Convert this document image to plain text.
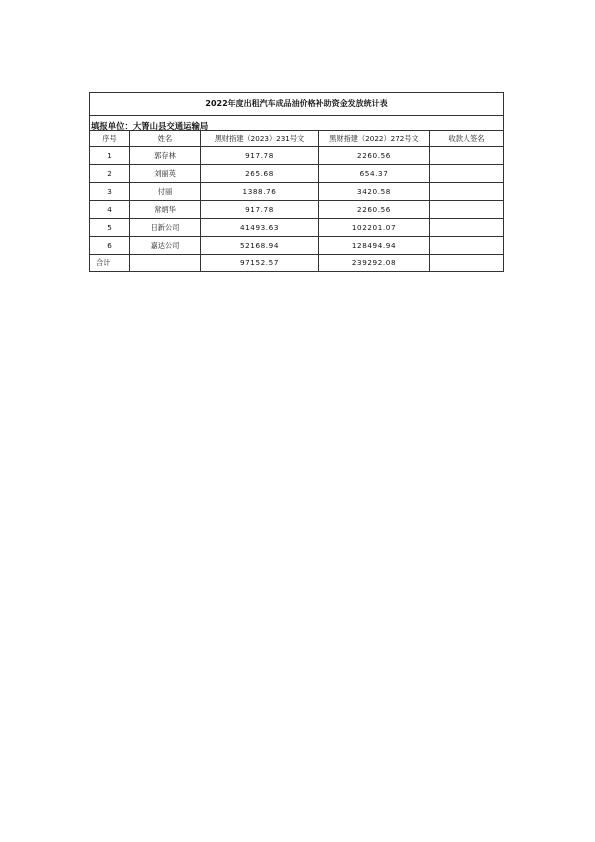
2022年度出租汽车成品油价格补助资金发放统计表				
填报单位：大箐山县交通运输局				
序号	姓名	黑财指建（2023）231号文	黑财指建（2022）272号文	收款人签名
1	郭存林	917.78	2260.56	
2	刘丽英	265.68	654.37	
3	付丽	1388.76	3420.58	
4	常炳华	917.78	2260.56	
5	日新公司	41493.63	102201.07	
6	嘉达公司	52168.94	128494.94	
合计		97152.57	239292.08	
